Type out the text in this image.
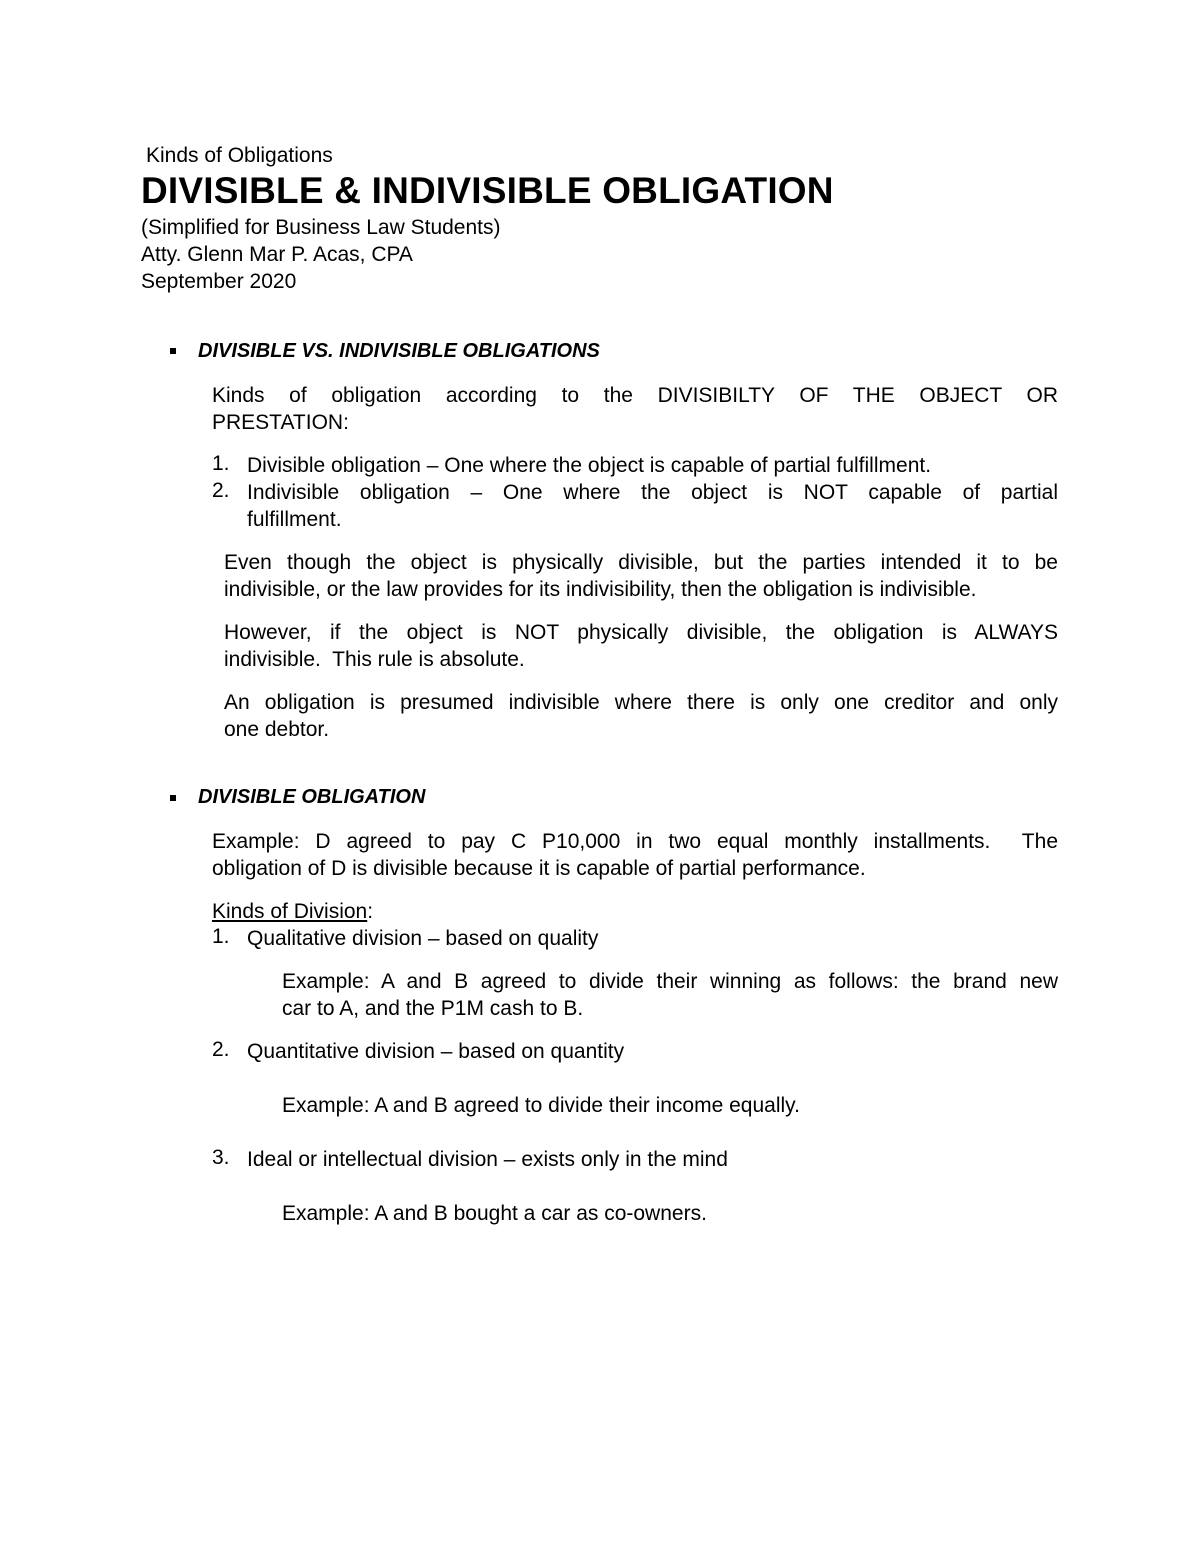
Kinds of Obligations
DIVISIBLE & INDIVISIBLE OBLIGATION
(Simplified for Business Law Students)
Atty. Glenn Mar P. Acas, CPA
September 2020
DIVISIBLE VS. INDIVISIBLE OBLIGATIONS
Kinds of obligation according to the DIVISIBILTY OF THE OBJECT OR
PRESTATION:
1. Divisible obligation – One where the object is capable of partial fulfillment.
2. Indivisible obligation – One where the object is NOT capable of partial
fulfillment.
Even though the object is physically divisible, but the parties intended it to be
indivisible, or the law provides for its indivisibility, then the obligation is indivisible.
However, if the object is NOT physically divisible, the obligation is ALWAYS
indivisible.  This rule is absolute.
An obligation is presumed indivisible where there is only one creditor and only
one debtor.
DIVISIBLE OBLIGATION
Example: D agreed to pay C P10,000 in two equal monthly installments.  The
obligation of D is divisible because it is capable of partial performance.
Kinds of Division:
1. Qualitative division – based on quality
Example: A and B agreed to divide their winning as follows: the brand new
car to A, and the P1M cash to B.
2. Quantitative division – based on quantity
Example: A and B agreed to divide their income equally.
3. Ideal or intellectual division – exists only in the mind
Example: A and B bought a car as co-owners.
